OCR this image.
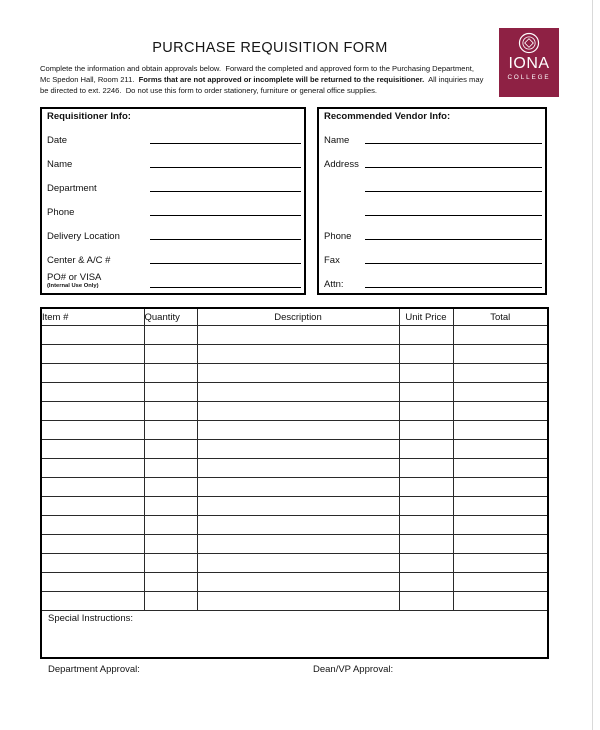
PURCHASE REQUISITION FORM
Complete the information and obtain approvals below.  Forward the completed and approved form to the Purchasing Department,
Mc Spedon Hall, Room 211.  Forms that are not approved or incomplete will be returned to the requisitioner.  All inquiries may
be directed to ext. 2246.  Do not use this form to order stationery, furniture or general office supplies.
IONA
COLLEGE
Requisitioner Info:
Date
Name
Department
Phone
Delivery Location
Center & A/C #
PO# or VISA
(Internal Use Only)
Recommended Vendor Info:
Name
Address
Phone
Fax
Attn:
Item #	Quantity	Description	Unit Price	Total

Special Instructions:				
Department Approval:	Dean/VP Approval:
